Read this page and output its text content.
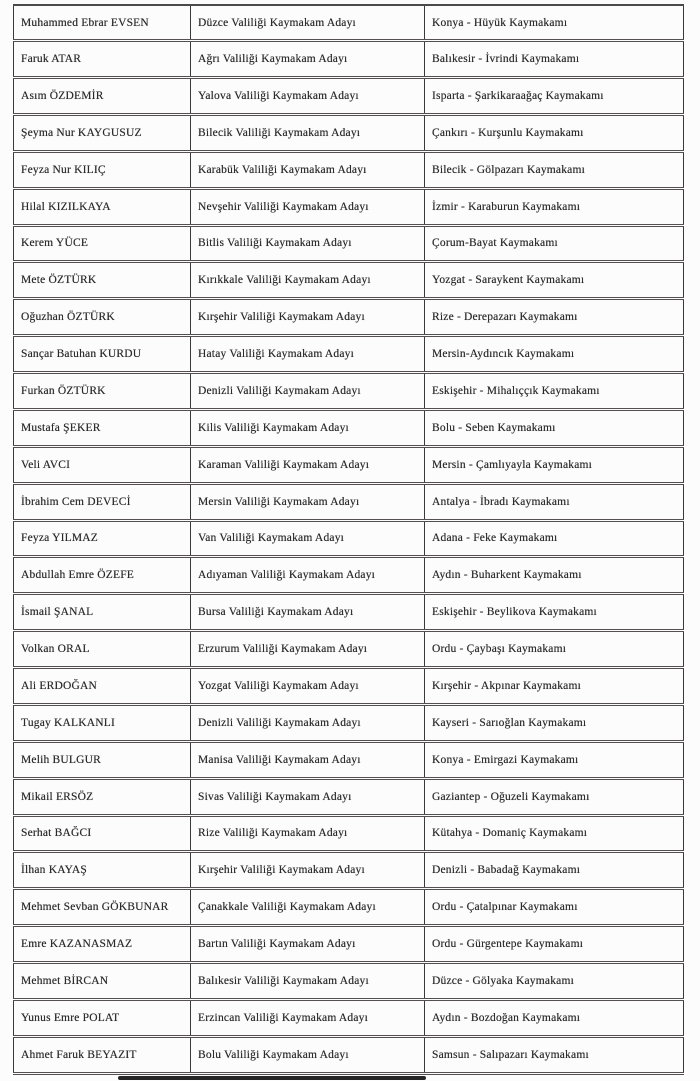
Muhammed Ebrar EVSEN	Düzce Valiliği Kaymakam Adayı	Konya - Hüyük Kaymakamı
Faruk ATAR	Ağrı Valiliği Kaymakam Adayı	Balıkesir - İvrindi Kaymakamı
Asım ÖZDEMİR	Yalova Valiliği Kaymakam Adayı	Isparta - Şarkikaraağaç Kaymakamı
Şeyma Nur KAYGUSUZ	Bilecik Valiliği Kaymakam Adayı	Çankırı - Kurşunlu Kaymakamı
Feyza Nur KILIÇ	Karabük Valiliği Kaymakam Adayı	Bilecik - Gölpazarı Kaymakamı
Hilal KIZILKAYA	Nevşehir Valiliği Kaymakam Adayı	İzmir - Karaburun Kaymakamı
Kerem YÜCE	Bitlis Valiliği Kaymakam Adayı	Çorum-Bayat Kaymakamı
Mete ÖZTÜRK	Kırıkkale Valiliği Kaymakam Adayı	Yozgat - Saraykent Kaymakamı
Oğuzhan ÖZTÜRK	Kırşehir Valiliği Kaymakam Adayı	Rize - Derepazarı Kaymakamı
Sançar Batuhan KURDU	Hatay Valiliği Kaymakam Adayı	Mersin-Aydıncık Kaymakamı
Furkan ÖZTÜRK	Denizli Valiliği Kaymakam Adayı	Eskişehir - Mihalıççık Kaymakamı
Mustafa ŞEKER	Kilis Valiliği Kaymakam Adayı	Bolu - Seben Kaymakamı
Veli AVCI	Karaman Valiliği Kaymakam Adayı	Mersin - Çamlıyayla Kaymakamı
İbrahim Cem DEVECİ	Mersin Valiliği Kaymakam Adayı	Antalya - İbradı Kaymakamı
Feyza YILMAZ	Van Valiliği Kaymakam Adayı	Adana - Feke Kaymakamı
Abdullah Emre ÖZEFE	Adıyaman Valiliği Kaymakam Adayı	Aydın - Buharkent Kaymakamı
İsmail ŞANAL	Bursa Valiliği Kaymakam Adayı	Eskişehir - Beylikova Kaymakamı
Volkan ORAL	Erzurum Valiliği Kaymakam Adayı	Ordu - Çaybaşı Kaymakamı
Ali ERDOĞAN	Yozgat Valiliği Kaymakam Adayı	Kırşehir - Akpınar Kaymakamı
Tugay KALKANLI	Denizli Valiliği Kaymakam Adayı	Kayseri - Sarıoğlan Kaymakamı
Melih BULGUR	Manisa Valiliği Kaymakam Adayı	Konya - Emirgazi Kaymakamı
Mikail ERSÖZ	Sivas Valiliği Kaymakam Adayı	Gaziantep - Oğuzeli Kaymakamı
Serhat BAĞCI	Rize Valiliği Kaymakam Adayı	Kütahya - Domaniç Kaymakamı
İlhan KAYAŞ	Kırşehir Valiliği Kaymakam Adayı	Denizli - Babadağ Kaymakamı
Mehmet Sevban GÖKBUNAR	Çanakkale Valiliği Kaymakam Adayı	Ordu - Çatalpınar Kaymakamı
Emre KAZANASMAZ	Bartın Valiliği Kaymakam Adayı	Ordu - Gürgentepe Kaymakamı
Mehmet BİRCAN	Balıkesir Valiliği Kaymakam Adayı	Düzce - Gölyaka Kaymakamı
Yunus Emre POLAT	Erzincan Valiliği Kaymakam Adayı	Aydın - Bozdoğan Kaymakamı
Ahmet Faruk BEYAZIT	Bolu Valiliği Kaymakam Adayı	Samsun - Salıpazarı Kaymakamı
